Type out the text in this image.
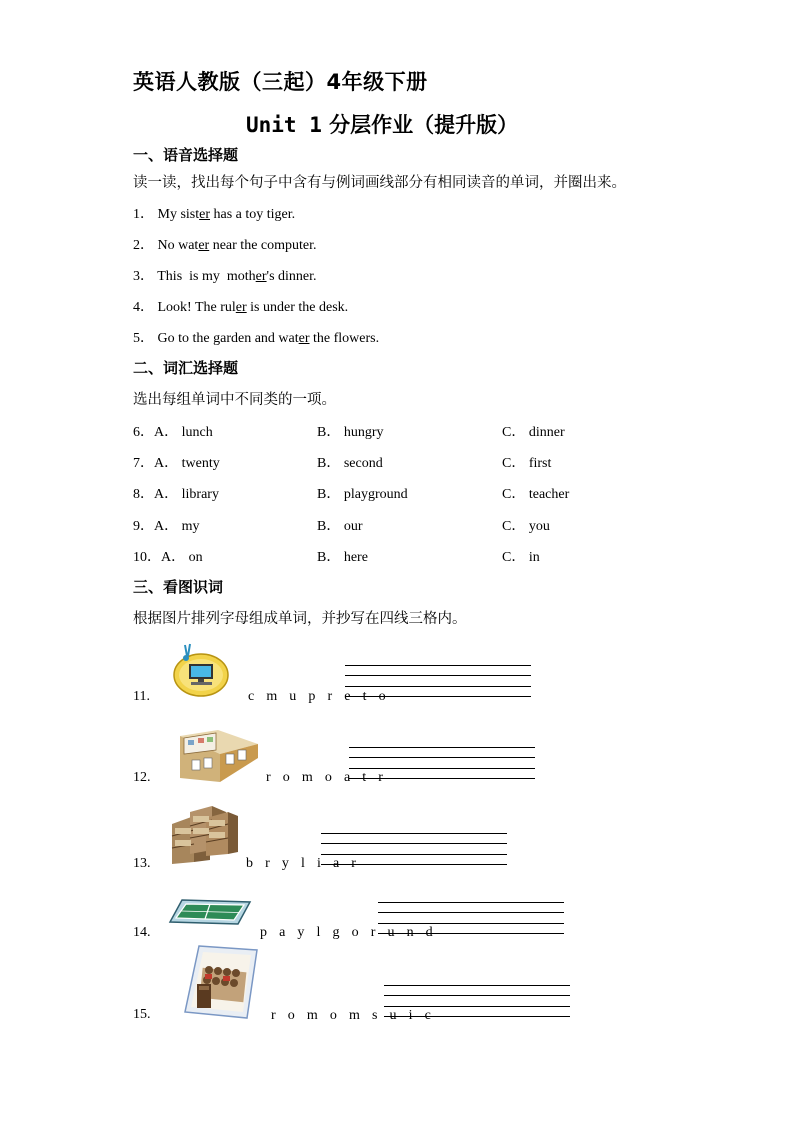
英语人教版（三起）4年级下册
Unit 1 分层作业（提升版）
一、语音选择题
读一读，找出每个句子中含有与例词画线部分有相同读音的单词，并圈出来。
1． My sister has a toy tiger.
2． No water near the computer.
3． This  is my  mother's dinner.
4． Look! The ruler is under the desk.
5． Go to the garden and water the flowers.
二、词汇选择题
选出每组单词中不同类的一项。
6．A． lunch	B． hungry	C． dinner
7．A． twenty	B． second	C． first
8．A． library	B． playground	C． teacher
9．A． my	B． our	C． you
10．A． on	B． here	C． in
三、看图识词
根据图片排列字母组成单词，并抄写在四线三格内。
11.	c m u p r e t o
12.	r o m o a t r
13.	b r y l i a r
14.	p a y l g o r u n d
15.	r o m o m s u i c
